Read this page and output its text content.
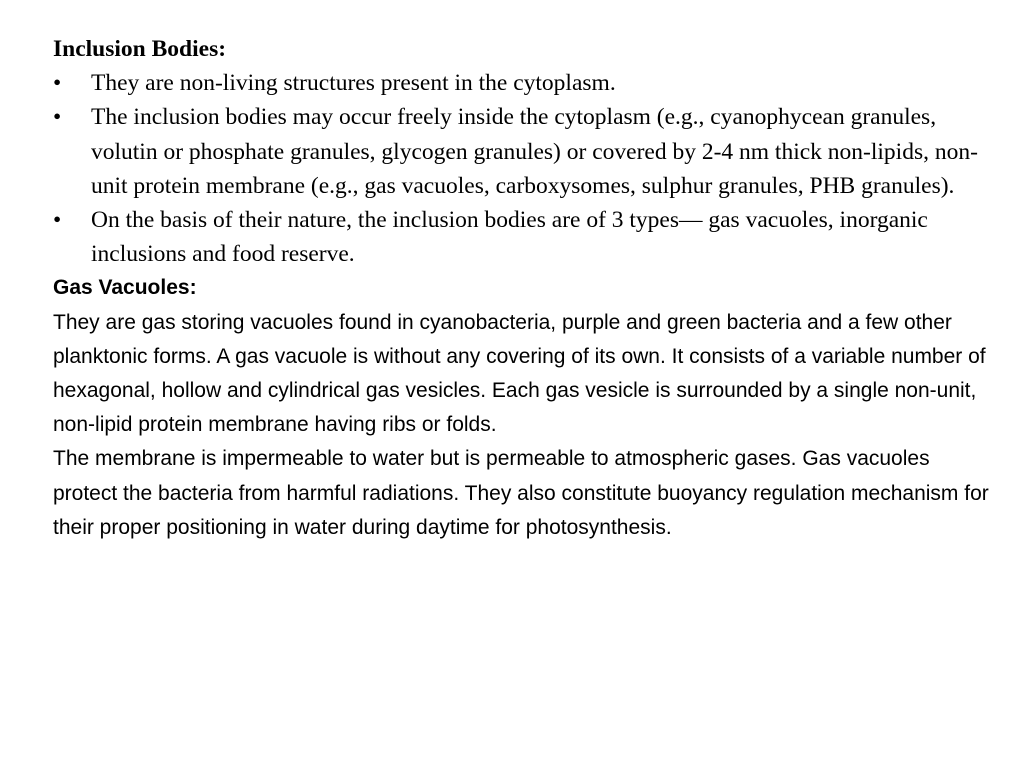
Inclusion Bodies:
•	They are non-living structures present in the cytoplasm.
•	The inclusion bodies may occur freely inside the cytoplasm (e.g., cyanophycean granules, volutin or phosphate granules, glycogen granules) or covered by 2-4 nm thick non-lipids, non-unit protein membrane (e.g., gas vacuoles, carboxysomes, sulphur granules, PHB granules).
•	On the basis of their nature, the inclusion bodies are of 3 types— gas vacuoles, inorganic inclusions and food reserve.
Gas Vacuoles:

They are gas storing vacuoles found in cyanobacteria, purple and green bacteria and a few other planktonic forms. A gas vacuole is without any covering of its own. It consists of a variable number of hexagonal, hollow and cylindrical gas vesicles. Each gas vesicle is surrounded by a single non-unit, non-lipid protein membrane having ribs or folds.

The membrane is impermeable to water but is permeable to atmospheric gases. Gas vacuoles protect the bacteria from harmful radiations. They also constitute buoyancy regulation mechanism for their proper positioning in water during daytime for photosynthesis.
